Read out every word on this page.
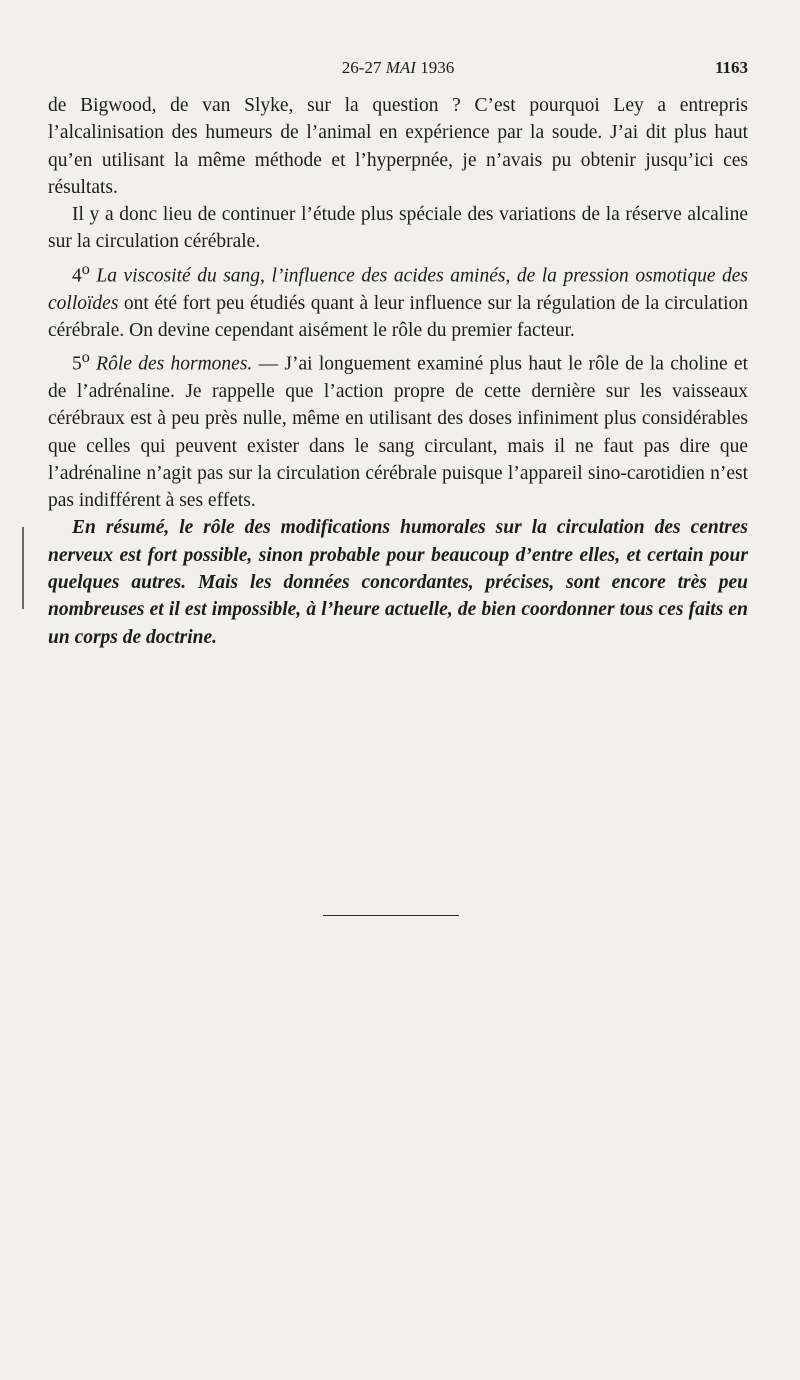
26-27 MAI 1936	1163

de Bigwood, de van Slyke, sur la question ? C’est pourquoi Ley a entrepris l’alcalinisation des humeurs de l’animal en expérience par la soude. J’ai dit plus haut qu’en utilisant la même méthode et l’hyperpnée, je n’avais pu obtenir jusqu’ici ces résultats.

Il y a donc lieu de continuer l’étude plus spéciale des variations de la réserve alcaline sur la circulation cérébrale.

4$^o$ La viscosité du sang, l’influence des acides aminés, de la pression osmotique des colloïdes ont été fort peu étudiés quant à leur influence sur la régulation de la circulation cérébrale. On devine cependant aisément le rôle du premier facteur.

5$^o$ Rôle des hormones. — J’ai longuement examiné plus haut le rôle de la choline et de l’adrénaline. Je rappelle que l’action propre de cette dernière sur les vaisseaux cérébraux est à peu près nulle, même en utilisant des doses infiniment plus considérables que celles qui peuvent exister dans le sang circulant, mais il ne faut pas dire que l’adrénaline n’agit pas sur la circulation cérébrale puisque l’appareil sino-carotidien n’est pas indifférent à ses effets.

En résumé, le rôle des modifications humorales sur la circulation des centres nerveux est fort possible, sinon probable pour beaucoup d’entre elles, et certain pour quelques autres. Mais les données concordantes, précises, sont encore très peu nombreuses et il est impossible, à l’heure actuelle, de bien coordonner tous ces faits en un corps de doctrine.
